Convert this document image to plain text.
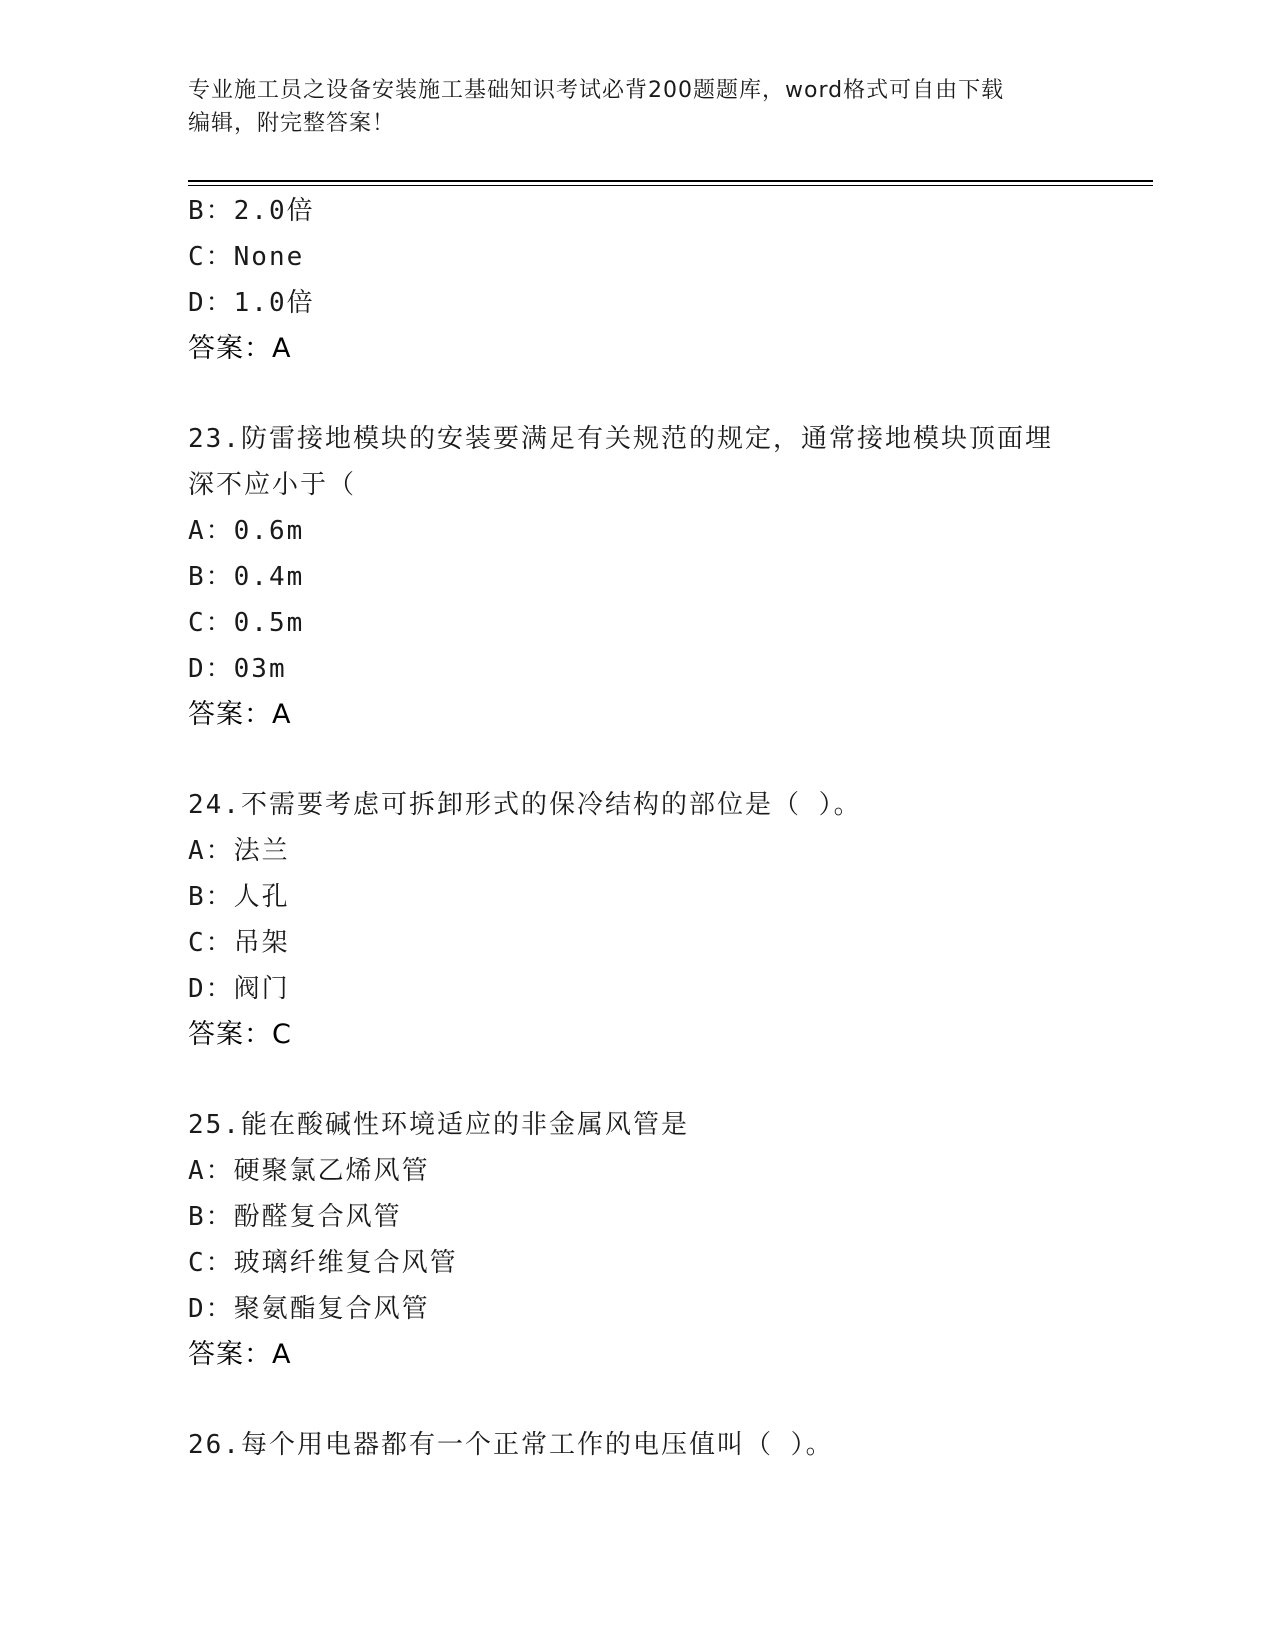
专业施工员之设备安装施工基础知识考试必背200题题库，word格式可自由下载
编辑，附完整答案！
B：2.0倍
C：None
D：1.0倍
答案：A
23.防雷接地模块的安装要满足有关规范的规定，通常接地模块顶面埋
深不应小于（
A：0.6m
B：0.4m
C：0.5m
D：03m
答案：A
24.不需要考虑可拆卸形式的保冷结构的部位是（ ）。
A：法兰
B：人孔
C：吊架
D：阀门
答案：C
25.能在酸碱性环境适应的非金属风管是
A：硬聚氯乙烯风管
B：酚醛复合风管
C：玻璃纤维复合风管
D：聚氨酯复合风管
答案：A
26.每个用电器都有一个正常工作的电压值叫（ ）。
